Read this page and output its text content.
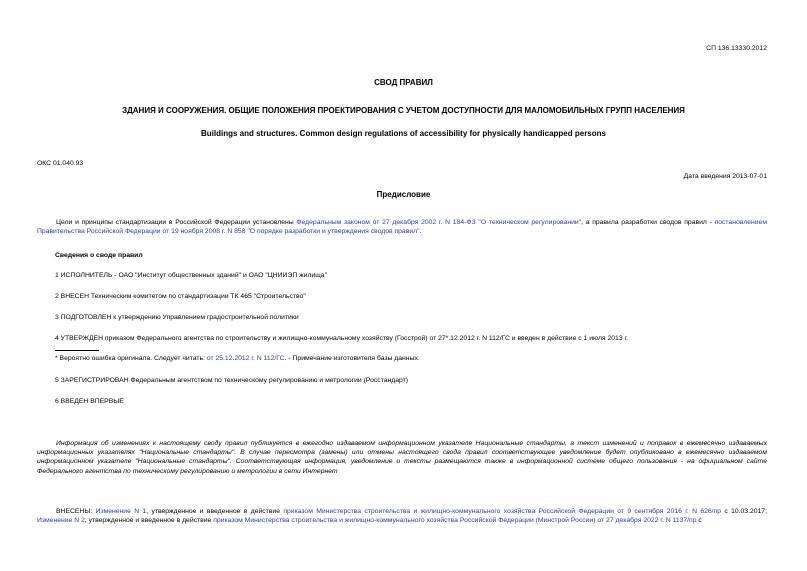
СП 136.13330.2012
СВОД ПРАВИЛ
ЗДАНИЯ И СООРУЖЕНИЯ. ОБЩИЕ ПОЛОЖЕНИЯ ПРОЕКТИРОВАНИЯ С УЧЕТОМ ДОСТУПНОСТИ ДЛЯ МАЛОМОБИЛЬНЫХ ГРУПП НАСЕЛЕНИЯ
Buildings and structures. Common design regulations of accessibility for physically handicapped persons
ОКС 01.040.93
Дата введения 2013-07-01
Предисловие
Цели и принципы стандартизации в Российской Федерации установлены Федеральным законом от 27 декабря 2002 г. N 184-ФЗ "О техническом регулировании", а правила разработки сводов правил - постановлением Правительства Российской Федерации от 19 ноября 2008 г. N 858 "О порядке разработки и утверждения сводов правил".
Сведения о своде правил
1 ИСПОЛНИТЕЛЬ - ОАО "Институт общественных зданий" и ОАО "ЦНИИЭП жилища"
2 ВНЕСЕН Техническим комитетом по стандартизации ТК 465 "Строительство"
3 ПОДГОТОВЛЕН к утверждению Управлением градостроительной политики
4 УТВЕРЖДЕН приказом Федерального агентства по строительству и жилищно-коммунальному хозяйству (Госстрой) от 27*.12.2012 г. N 112/ГС и введен в действие с 1 июля 2013 г.
* Вероятно ошибка оригинала. Следует читать: от 25.12.2012 г. N 112/ГС. - Примечание изготовителя базы данных.
5 ЗАРЕГИСТРИРОВАН Федеральным агентством по техническому регулированию и метрологии (Росстандарт)
6 ВВЕДЕН ВПЕРВЫЕ
Информация об изменениях к настоящему своду правил публикуется в ежегодно издаваемом информационном указателе Национальные стандарты, а текст изменений и поправок в ежемесячно издаваемых информационных указателях "Национальные стандарты". В случае пересмотра (замены) или отмены настоящего свода правил соответствующее уведомление будет опубликовано в ежемесячно издаваемом информационном указателе "Национальные стандарты". Соответствующая информация, уведомление и тексты размещаются также в информационной системе общего пользования - на официальном сайте Федерального агентства по техническому регулированию и метрологии в сети Интернет
ВНЕСЕНЫ: Изменение N 1, утвержденное и введенное в действие приказом Министерства строительства и жилищно-коммунального хозяйства Российской Федерации от 9 сентября 2016 г. N 626/пр с 10.03.2017; Изменение N 2, утвержденное и введенное в действие приказом Министерства строительства и жилищно-коммунального хозяйства Российской Федерации (Минстрой России) от 27 декабря 2022 г. N 1137/пр с
